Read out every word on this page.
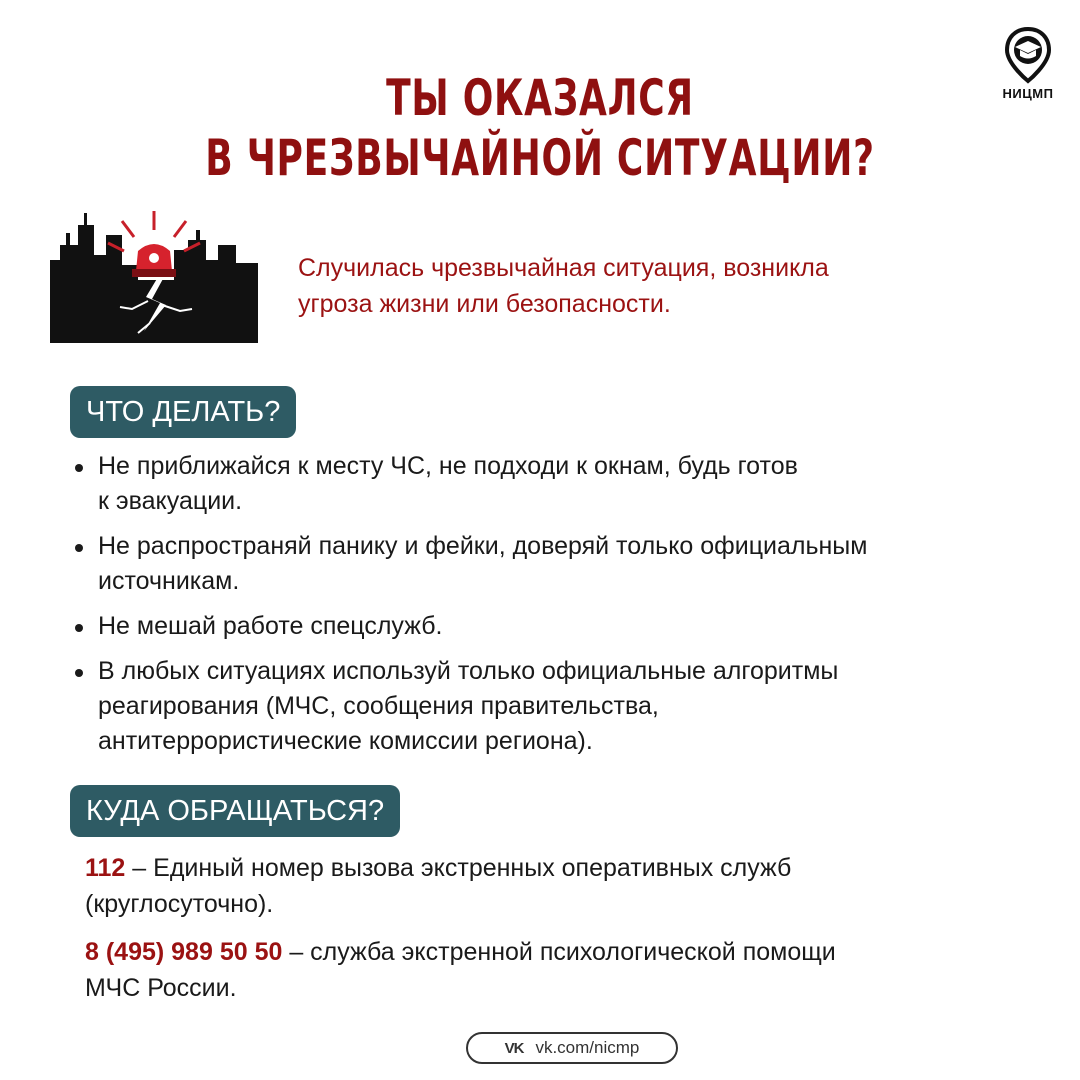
ТЫ ОКАЗАЛСЯ
В ЧРЕЗВЫЧАЙНОЙ СИТУАЦИИ?
НИЦМП

Случилась чрезвычайная ситуация, возникла
угроза жизни или безопасности.

ЧТО ДЕЛАТЬ?
Не приближайся к месту ЧС, не подходи к окнам, будь готов
к эвакуации.
Не распространяй панику и фейки, доверяй только официальным
источникам.
Не мешай работе спецслужб.
В любых ситуациях используй только официальные алгоритмы
реагирования (МЧС, сообщения правительства,
антитеррористические комиссии региона).
КУДА ОБРАЩАТЬСЯ?

112 – Единый номер вызова экстренных оперативных служб
(круглосуточно).

8 (495) 989 50 50 – служба экстренной психологической помощи
МЧС России.

VK vk.com/nicmp
